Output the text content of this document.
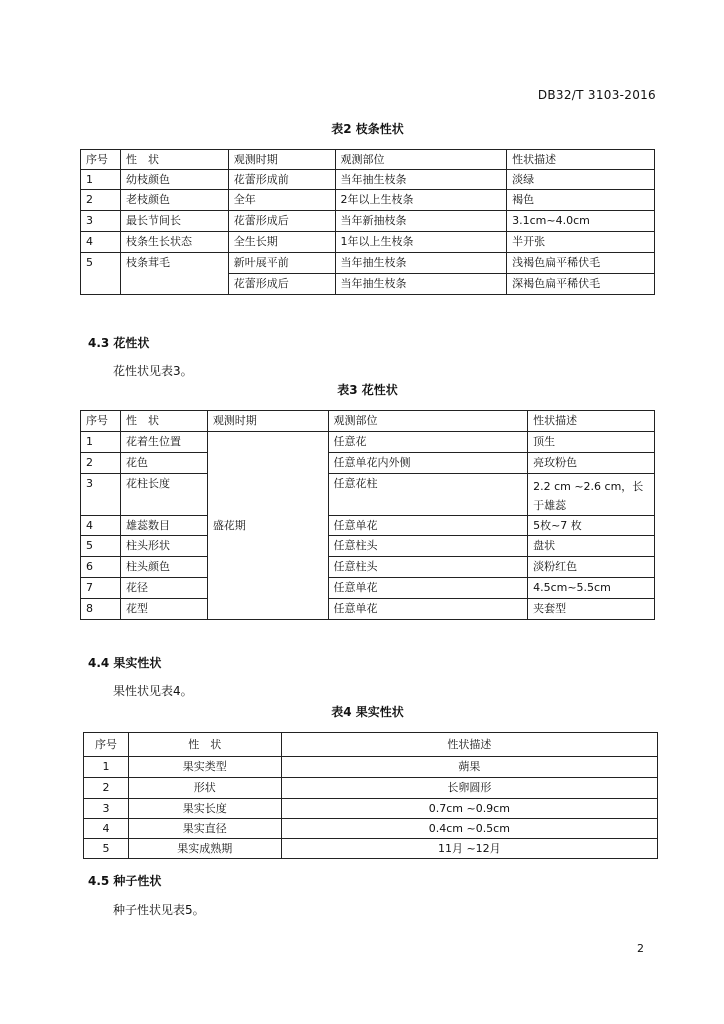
DB32/T 3103-2016
表2 枝条性状
序号	性　状	观测时期	观测部位	性状描述
1	幼枝颜色	花蕾形成前	当年抽生枝条	淡绿
2	老枝颜色	全年	2年以上生枝条	褐色
3	最长节间长	花蕾形成后	当年新抽枝条	3.1cm~4.0cm
4	枝条生长状态	全生长期	1年以上生枝条	半开张
5	枝条茸毛	新叶展平前	当年抽生枝条	浅褐色扁平稀伏毛
		花蕾形成后	当年抽生枝条	深褐色扁平稀伏毛
4.3 花性状
花性状见表3。
表3 花性状
序号	性　状	观测时期	观测部位	性状描述
1	花着生位置	盛花期	任意花	顶生
2	花色		任意单花内外侧	亮玫粉色
3	花柱长度		任意花柱	2.2 cm ~2.6 cm，长于雄蕊
4	雄蕊数目		任意单花	5枚~7 枚
5	柱头形状		任意柱头	盘状
6	柱头颜色		任意柱头	淡粉红色
7	花径		任意单花	4.5cm~5.5cm
8	花型		任意单花	夹套型
4.4 果实性状
果性状见表4。
表4 果实性状
序号	性　状	性状描述
1	果实类型	蒴果
2	形状	长卵圆形
3	果实长度	0.7cm ~0.9cm
4	果实直径	0.4cm ~0.5cm
5	果实成熟期	11月 ~12月
4.5 种子性状
种子性状见表5。
2
